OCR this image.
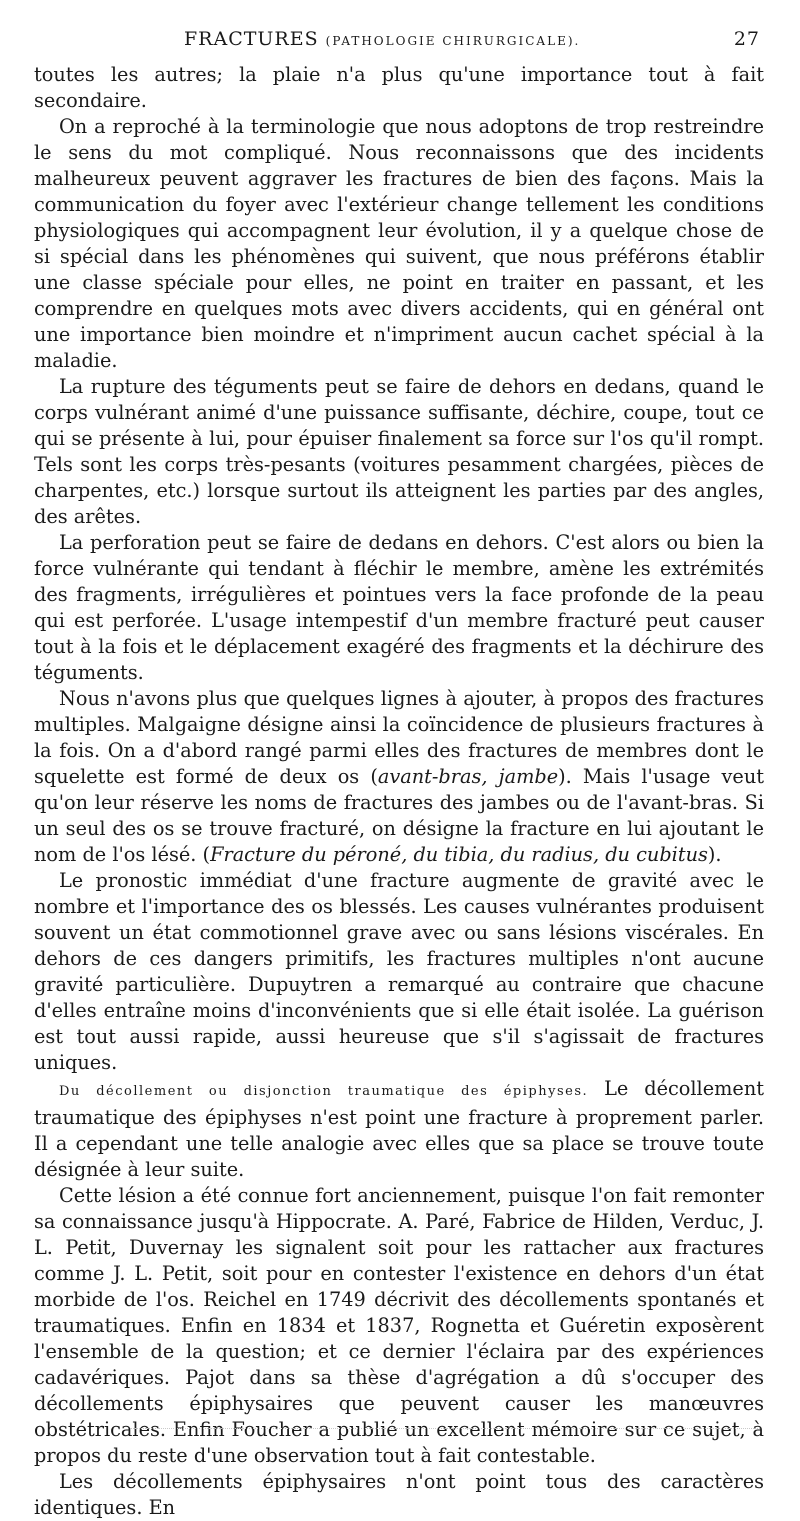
FRACTURES (PATHOLOGIE CHIRURGICALE).	27

toutes les autres; la plaie n'a plus qu'une importance tout à fait secondaire.

On a reproché à la terminologie que nous adoptons de trop restreindre le sens du mot compliqué. Nous reconnaissons que des incidents malheureux peuvent aggraver les fractures de bien des façons. Mais la communication du foyer avec l'extérieur change tellement les conditions physiologiques qui accompagnent leur évolution, il y a quelque chose de si spécial dans les phénomènes qui suivent, que nous préférons établir une classe spéciale pour elles, ne point en traiter en passant, et les comprendre en quelques mots avec divers accidents, qui en général ont une importance bien moindre et n'impriment aucun cachet spécial à la maladie.

La rupture des téguments peut se faire de dehors en dedans, quand le corps vulnérant animé d'une puissance suffisante, déchire, coupe, tout ce qui se présente à lui, pour épuiser finalement sa force sur l'os qu'il rompt. Tels sont les corps très-pesants (voitures pesamment chargées, pièces de charpentes, etc.) lorsque surtout ils atteignent les parties par des angles, des arêtes.

La perforation peut se faire de dedans en dehors. C'est alors ou bien la force vulnérante qui tendant à fléchir le membre, amène les extrémités des fragments, irrégulières et pointues vers la face profonde de la peau qui est perforée. L'usage intempestif d'un membre fracturé peut causer tout à la fois et le déplacement exagéré des fragments et la déchirure des téguments.

Nous n'avons plus que quelques lignes à ajouter, à propos des fractures multiples. Malgaigne désigne ainsi la coïncidence de plusieurs fractures à la fois. On a d'abord rangé parmi elles des fractures de membres dont le squelette est formé de deux os (avant-bras, jambe). Mais l'usage veut qu'on leur réserve les noms de fractures des jambes ou de l'avant-bras. Si un seul des os se trouve fracturé, on désigne la fracture en lui ajoutant le nom de l'os lésé. (Fracture du péroné, du tibia, du radius, du cubitus).

Le pronostic immédiat d'une fracture augmente de gravité avec le nombre et l'importance des os blessés. Les causes vulnérantes produisent souvent un état commotionnel grave avec ou sans lésions viscérales. En dehors de ces dangers primitifs, les fractures multiples n'ont aucune gravité particulière. Dupuytren a remarqué au contraire que chacune d'elles entraîne moins d'inconvénients que si elle était isolée. La guérison est tout aussi rapide, aussi heureuse que s'il s'agissait de fractures uniques.

Du décollement ou disjonction traumatique des épiphyses. Le décollement traumatique des épiphyses n'est point une fracture à proprement parler. Il a cependant une telle analogie avec elles que sa place se trouve toute désignée à leur suite.

Cette lésion a été connue fort anciennement, puisque l'on fait remonter sa connaissance jusqu'à Hippocrate. A. Paré, Fabrice de Hilden, Verduc, J. L. Petit, Duvernay les signalent soit pour les rattacher aux fractures comme J. L. Petit, soit pour en contester l'existence en dehors d'un état morbide de l'os. Reichel en 1749 décrivit des décollements spontanés et traumatiques. Enfin en 1834 et 1837, Rognetta et Guéretin exposèrent l'ensemble de la question; et ce dernier l'éclaira par des expériences cadavériques. Pajot dans sa thèse d'agrégation a dû s'occuper des décollements épiphysaires que peuvent causer les manœuvres obstétricales. Enfin Foucher a publié un excellent mémoire sur ce sujet, à propos du reste d'une observation tout à fait contestable.

Les décollements épiphysaires n'ont point tous des caractères identiques. En
